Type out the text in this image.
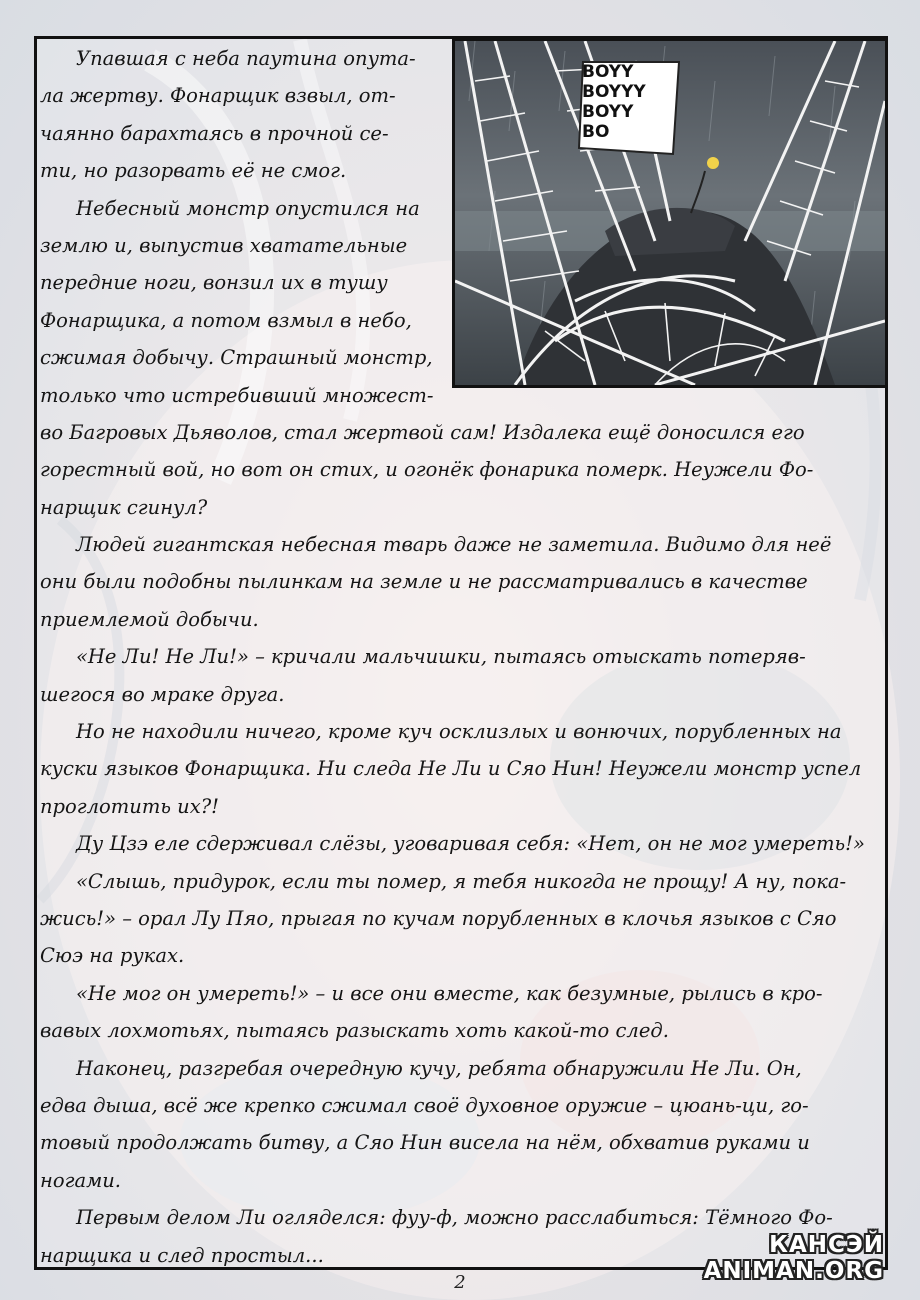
BOYY
BOYYY
BOYY
BO
Упавшая с неба паутина опута-
ла жертву. Фонарщик взвыл, от-
чаянно барахтаясь в прочной се-
ти, но разорвать её не смог.
Небесный монстр опустился на
землю и, выпустив хватательные
передние ноги, вонзил их в тушу
Фонарщика, а потом взмыл в небо,
сжимая добычу. Страшный монстр,
только что истребивший множест-
во Багровых Дьяволов, стал жертвой сам! Издалека ещё доносился его
горестный вой, но вот он стих, и огонёк фонарика померк. Неужели Фо-
нарщик сгинул?
Людей гигантская небесная тварь даже не заметила. Видимо для неё
они были подобны пылинкам на земле и не рассматривались в качестве
приемлемой добычи.
«Не Ли! Не Ли!» – кричали мальчишки, пытаясь отыскать потеряв-
шегося во мраке друга.
Но не находили ничего, кроме куч осклизлых и вонючих, порубленных на
куски языков Фонарщика. Ни следа Не Ли и Сяо Нин! Неужели монстр успел
проглотить их?!
Ду Цзэ еле сдерживал слёзы, уговаривая себя: «Нет, он не мог умереть!»
«Слышь, придурок, если ты помер, я тебя никогда не прощу! А ну, пока-
жись!» – орал Лу Пяо, прыгая по кучам порубленных в клочья языков с Сяо
Сюэ на руках.
«Не мог он умереть!» – и все они вместе, как безумные, рылись в кро-
вавых лохмотьях, пытаясь разыскать хоть какой-то след.
Наконец, разгребая очередную кучу, ребята обнаружили Не Ли. Он,
едва дыша, всё же крепко сжимал своё духовное оружие – цюань-ци, го-
товый продолжать битву, а Сяо Нин висела на нём, обхватив руками и
ногами.
Первым делом Ли огляделся: фуу-ф, можно расслабиться: Тёмного Фо-
нарщика и след простыл...	КАНСЭЙ ANIMAN.ORG
2
